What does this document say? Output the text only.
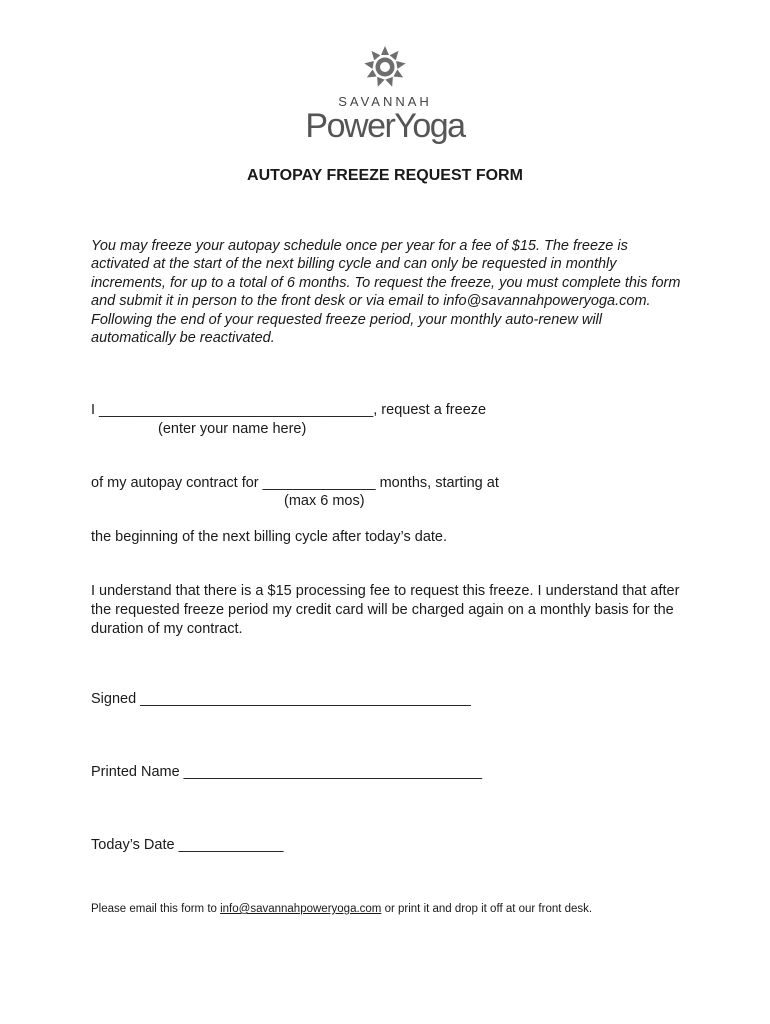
SAVANNAH
PowerYoga
AUTOPAY FREEZE REQUEST FORM
You may freeze your autopay schedule once per year for a fee of $15. The freeze is activated at the start of the next billing cycle and can only be requested in monthly increments, for up to a total of 6 months. To request the freeze, you must complete this form and submit it in person to the front desk or via email to info@savannahpoweryoga.com. Following the end of your requested freeze period, your monthly auto-renew will automatically be reactivated.
I __________________________________, request a freeze
(enter your name here)
of my autopay contract for ______________ months, starting at
(max 6 mos)
the beginning of the next billing cycle after today’s date.
I understand that there is a $15 processing fee to request this freeze. I understand that after the requested freeze period my credit card will be charged again on a monthly basis for the duration of my contract.
Signed _________________________________________
Printed Name _____________________________________
Today’s Date _____________
Please email this form to info@savannahpoweryoga.com or print it and drop it off at our front desk.
